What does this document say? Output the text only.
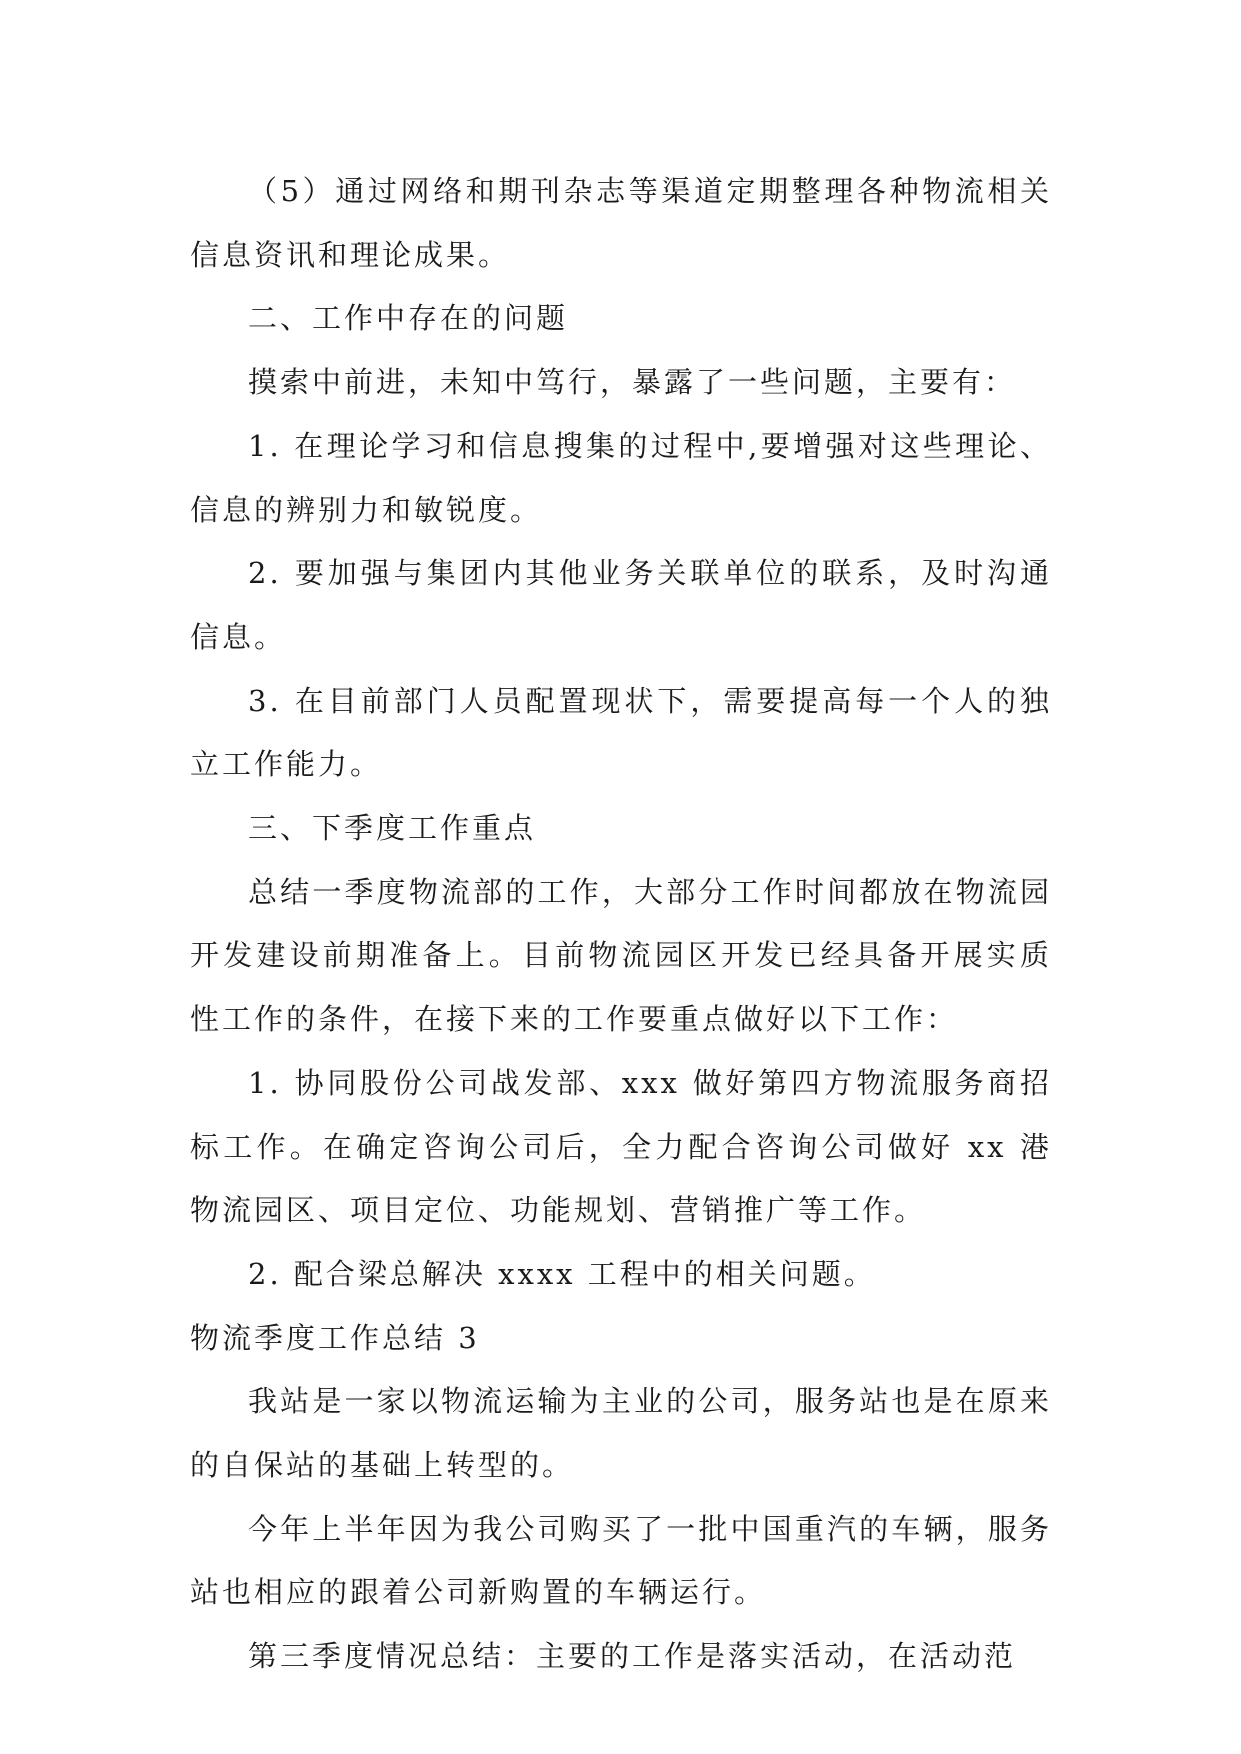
（5）通过网络和期刊杂志等渠道定期整理各种物流相关信息资讯和理论成果。

二、工作中存在的问题

摸索中前进，未知中笃行，暴露了一些问题，主要有：

1. 在理论学习和信息搜集的过程中,要增强对这些理论、信息的辨别力和敏锐度。

2. 要加强与集团内其他业务关联单位的联系，及时沟通信息。

3. 在目前部门人员配置现状下，需要提高每一个人的独立工作能力。

三、下季度工作重点

总结一季度物流部的工作，大部分工作时间都放在物流园开发建设前期准备上。目前物流园区开发已经具备开展实质性工作的条件，在接下来的工作要重点做好以下工作：

1. 协同股份公司战发部、xxx 做好第四方物流服务商招标工作。在确定咨询公司后，全力配合咨询公司做好 xx 港物流园区、项目定位、功能规划、营销推广等工作。

2. 配合梁总解决 xxxx 工程中的相关问题。

物流季度工作总结 3

我站是一家以物流运输为主业的公司，服务站也是在原来的自保站的基础上转型的。

今年上半年因为我公司购买了一批中国重汽的车辆，服务站也相应的跟着公司新购置的车辆运行。

第三季度情况总结：主要的工作是落实活动，在活动范
